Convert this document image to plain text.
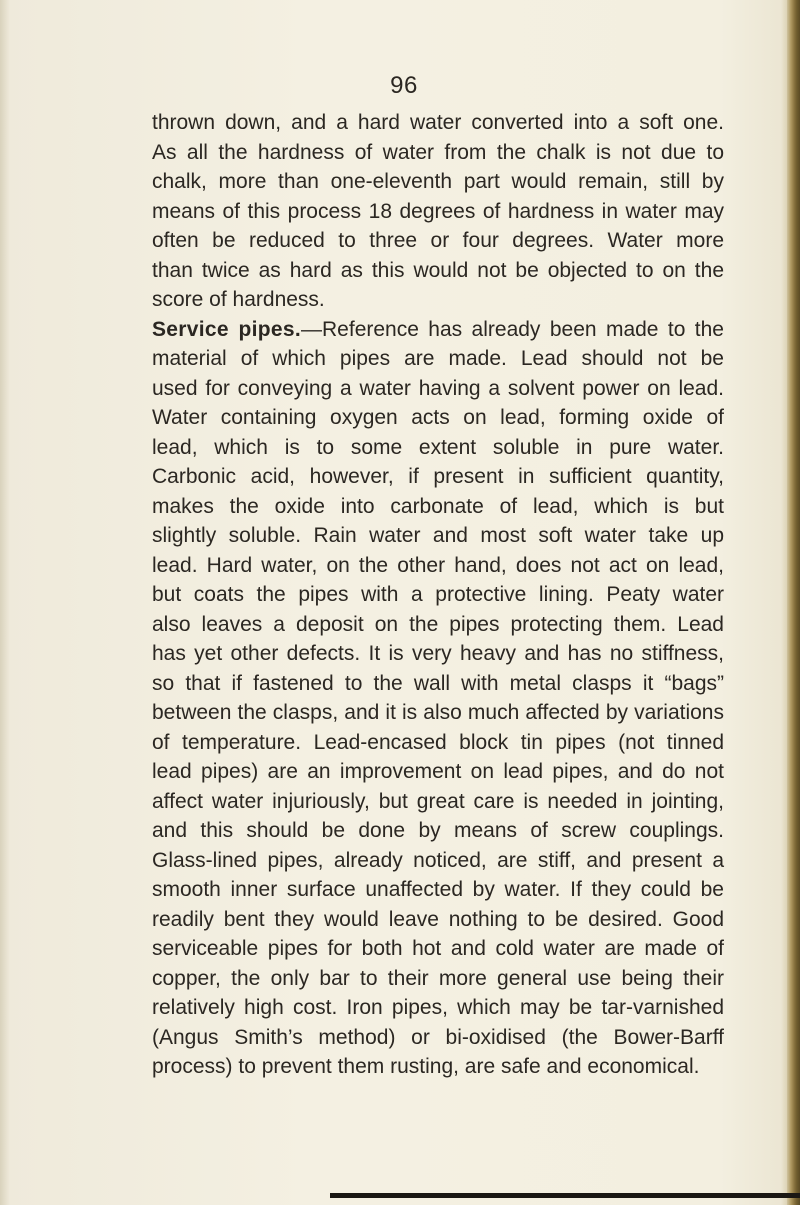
96
thrown down, and a hard water converted into a soft one.
As all the hardness of water from the chalk is not due to
chalk, more than one-eleventh part would remain, still by
means of this process 18 degrees of hardness in water may
often be reduced to three or four degrees. Water more
than twice as hard as this would not be objected to on the
score of hardness.
Service pipes.—Reference has already been made to the
material of which pipes are made. Lead should not be
used for conveying a water having a solvent power on lead.
Water containing oxygen acts on lead, forming oxide of
lead, which is to some extent soluble in pure water.
Carbonic acid, however, if present in sufficient quantity,
makes the oxide into carbonate of lead, which is but
slightly soluble. Rain water and most soft water take up
lead. Hard water, on the other hand, does not act on lead,
but coats the pipes with a protective lining. Peaty water
also leaves a deposit on the pipes protecting them. Lead
has yet other defects. It is very heavy and has no stiffness,
so that if fastened to the wall with metal clasps it “bags”
between the clasps, and it is also much affected by variations
of temperature. Lead-encased block tin pipes (not tinned
lead pipes) are an improvement on lead pipes, and do not
affect water injuriously, but great care is needed in jointing,
and this should be done by means of screw couplings.
Glass-lined pipes, already noticed, are stiff, and present a
smooth inner surface unaffected by water. If they could be
readily bent they would leave nothing to be desired. Good
serviceable pipes for both hot and cold water are made of
copper, the only bar to their more general use being their
relatively high cost. Iron pipes, which may be tar-varnished
(Angus Smith’s method) or bi-oxidised (the Bower-Barff
process) to prevent them rusting, are safe and economical.
